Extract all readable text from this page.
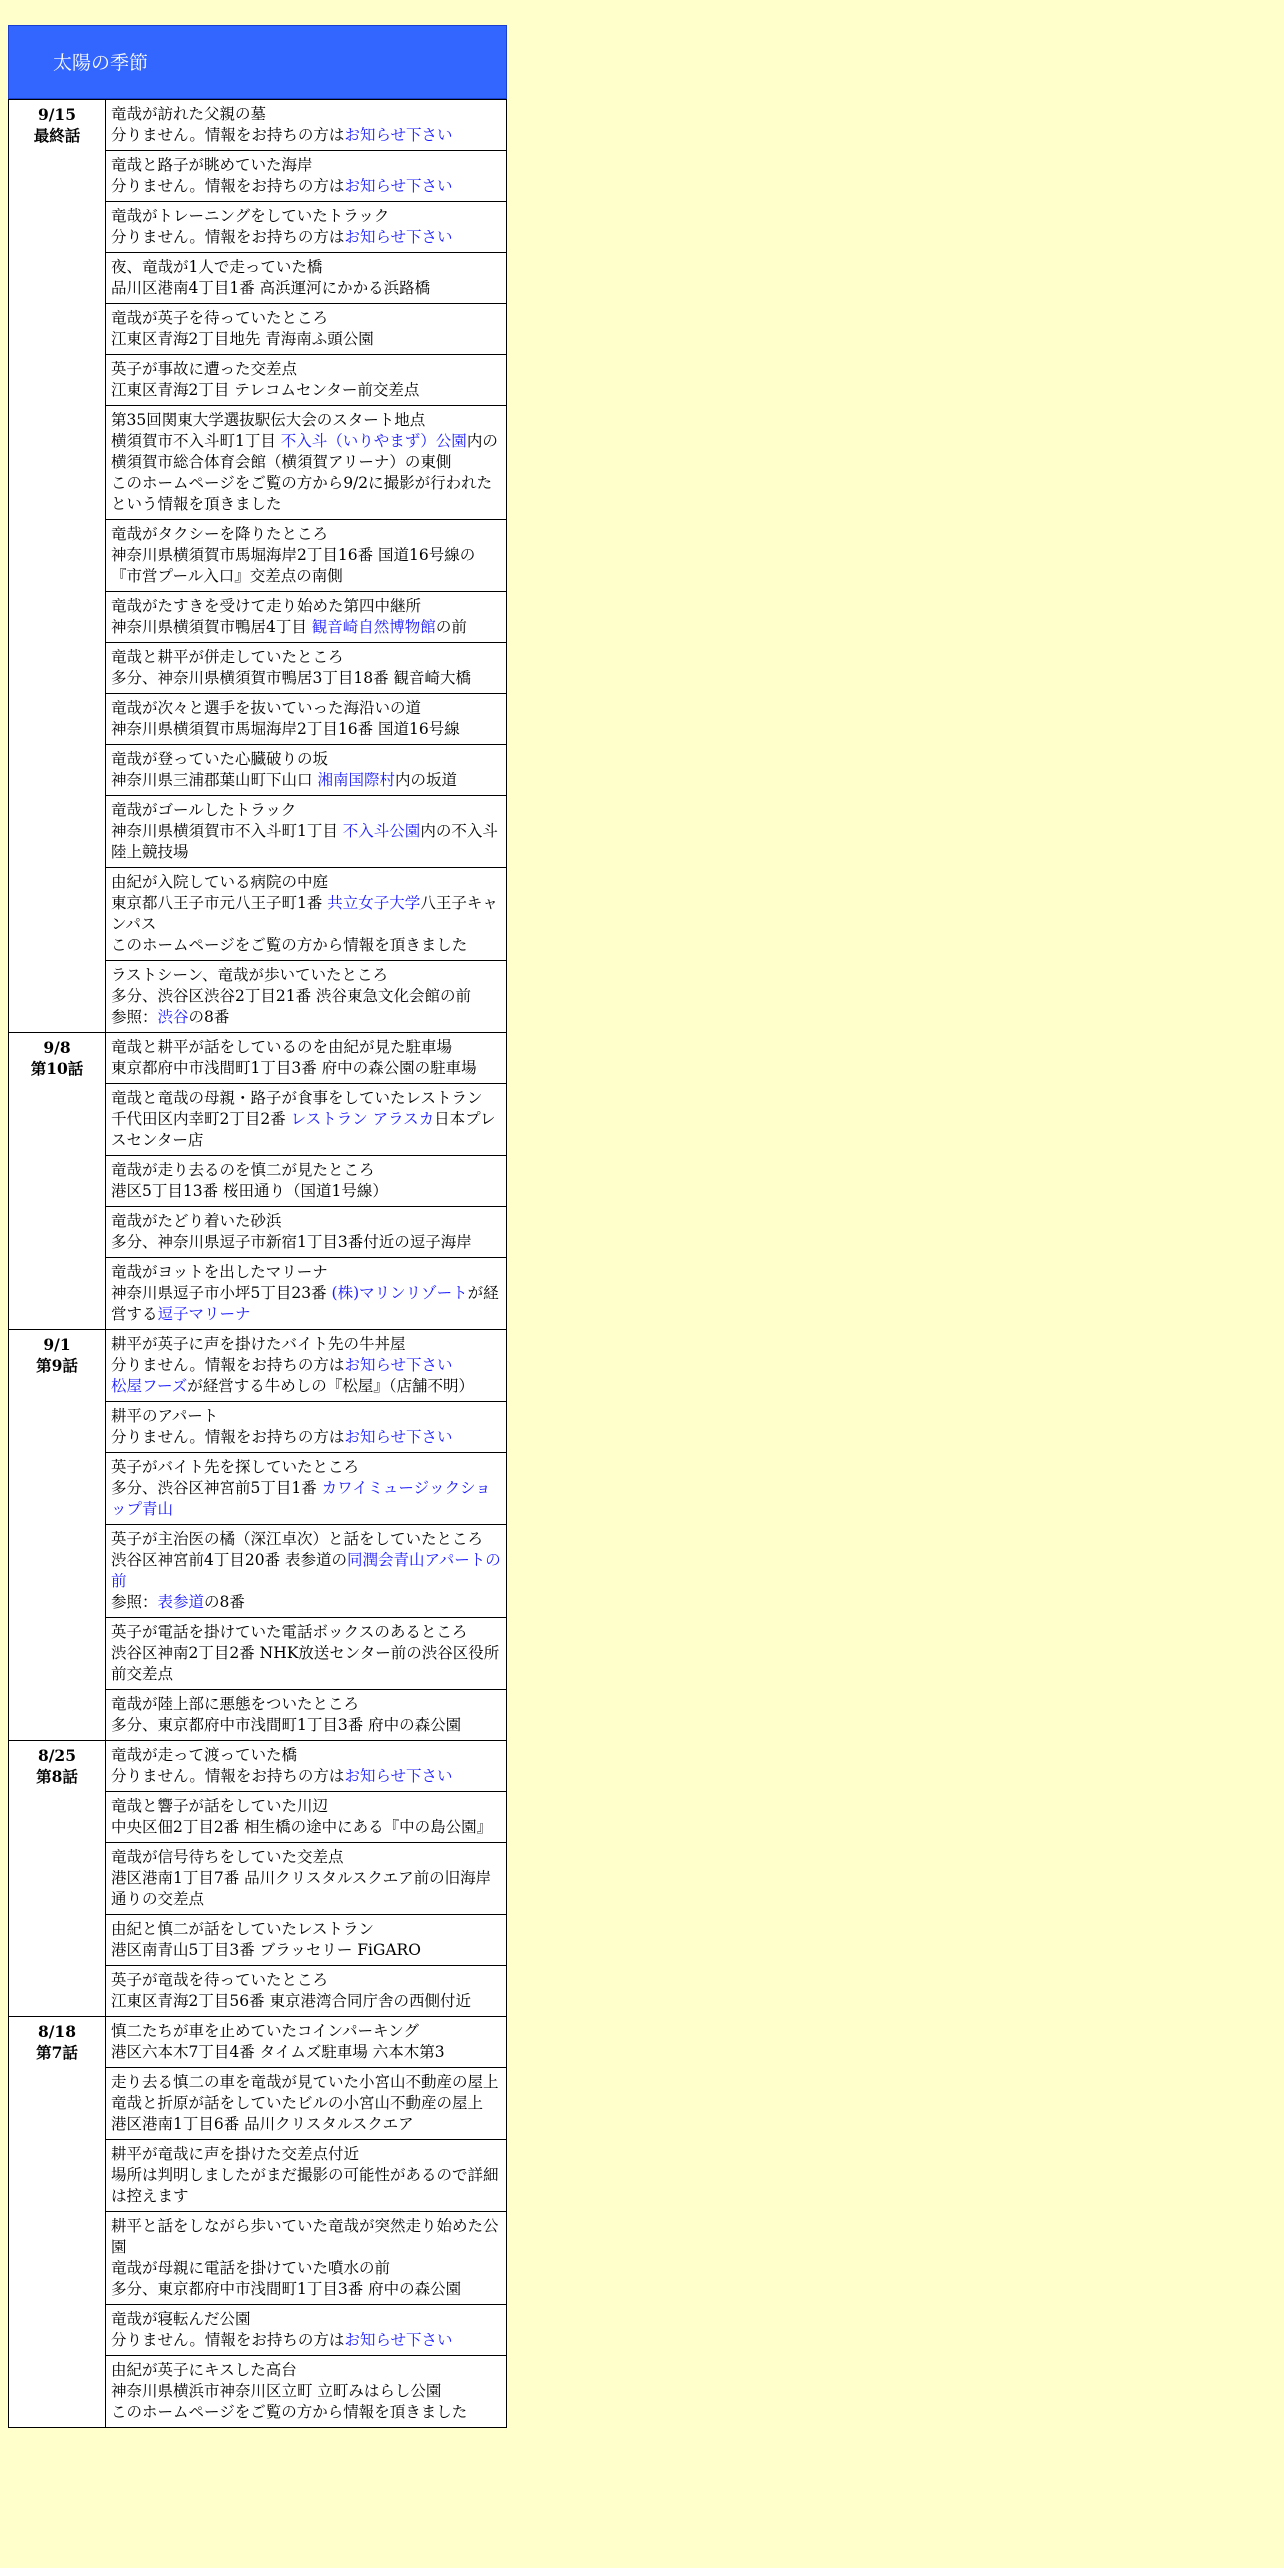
太陽の季節
9/15
最終話	竜哉が訪れた父親の墓
分りません。情報をお持ちの方はお知らせ下さい

	竜哉と路子が眺めていた海岸
分りません。情報をお持ちの方はお知らせ下さい

	竜哉がトレーニングをしていたトラック
分りません。情報をお持ちの方はお知らせ下さい

	夜、竜哉が1人で走っていた橋
品川区港南4丁目1番 高浜運河にかかる浜路橋

	竜哉が英子を待っていたところ
江東区青海2丁目地先 青海南ふ頭公園

	英子が事故に遭った交差点
江東区青海2丁目 テレコムセンター前交差点

	第35回関東大学選抜駅伝大会のスタート地点
横須賀市不入斗町1丁目 不入斗（いりやまず）公園内の横須賀市総合体育会館（横須賀アリーナ）の東側
このホームページをご覧の方から9/2に撮影が行われたという情報を頂きました

	竜哉がタクシーを降りたところ
神奈川県横須賀市馬堀海岸2丁目16番 国道16号線の『市営プール入口』交差点の南側

	竜哉がたすきを受けて走り始めた第四中継所
神奈川県横須賀市鴨居4丁目 観音崎自然博物館の前

	竜哉と耕平が併走していたところ
多分、神奈川県横須賀市鴨居3丁目18番 観音崎大橋

	竜哉が次々と選手を抜いていった海沿いの道
神奈川県横須賀市馬堀海岸2丁目16番 国道16号線

	竜哉が登っていた心臓破りの坂
神奈川県三浦郡葉山町下山口 湘南国際村内の坂道

	竜哉がゴールしたトラック
神奈川県横須賀市不入斗町1丁目 不入斗公園内の不入斗陸上競技場

	由紀が入院している病院の中庭
東京都八王子市元八王子町1番 共立女子大学八王子キャンパス
このホームページをご覧の方から情報を頂きました

	ラストシーン、竜哉が歩いていたところ
多分、渋谷区渋谷2丁目21番 渋谷東急文化会館の前
参照：渋谷の8番

9/8
第10話	竜哉と耕平が話をしているのを由紀が見た駐車場
東京都府中市浅間町1丁目3番 府中の森公園の駐車場

	竜哉と竜哉の母親・路子が食事をしていたレストラン
千代田区内幸町2丁目2番 レストラン アラスカ日本プレスセンター店

	竜哉が走り去るのを慎二が見たところ
港区5丁目13番 桜田通り（国道1号線）

	竜哉がたどり着いた砂浜
多分、神奈川県逗子市新宿1丁目3番付近の逗子海岸

	竜哉がヨットを出したマリーナ
神奈川県逗子市小坪5丁目23番 (株)マリンリゾートが経営する逗子マリーナ

9/1
第9話	耕平が英子に声を掛けたバイト先の牛丼屋
分りません。情報をお持ちの方はお知らせ下さい
松屋フーズが経営する牛めしの『松屋』（店舗不明）

	耕平のアパート
分りません。情報をお持ちの方はお知らせ下さい

	英子がバイト先を探していたところ
多分、渋谷区神宮前5丁目1番 カワイミュージックショップ青山

	英子が主治医の橘（深江卓次）と話をしていたところ
渋谷区神宮前4丁目20番 表参道の同潤会青山アパートの前
参照：表参道の8番

	英子が電話を掛けていた電話ボックスのあるところ
渋谷区神南2丁目2番 NHK放送センター前の渋谷区役所前交差点

	竜哉が陸上部に悪態をついたところ
多分、東京都府中市浅間町1丁目3番 府中の森公園

8/25
第8話	竜哉が走って渡っていた橋
分りません。情報をお持ちの方はお知らせ下さい

	竜哉と響子が話をしていた川辺
中央区佃2丁目2番 相生橋の途中にある『中の島公園』

	竜哉が信号待ちをしていた交差点
港区港南1丁目7番 品川クリスタルスクエア前の旧海岸通りの交差点

	由紀と慎二が話をしていたレストラン
港区南青山5丁目3番 ブラッセリー FiGARO

	英子が竜哉を待っていたところ
江東区青海2丁目56番 東京港湾合同庁舎の西側付近

8/18
第7話	慎二たちが車を止めていたコインパーキング
港区六本木7丁目4番 タイムズ駐車場 六本木第3

	走り去る慎二の車を竜哉が見ていた小宮山不動産の屋上
竜哉と折原が話をしていたビルの小宮山不動産の屋上
港区港南1丁目6番 品川クリスタルスクエア

	耕平が竜哉に声を掛けた交差点付近
場所は判明しましたがまだ撮影の可能性があるので詳細は控えます

	耕平と話をしながら歩いていた竜哉が突然走り始めた公園
竜哉が母親に電話を掛けていた噴水の前
多分、東京都府中市浅間町1丁目3番 府中の森公園

	竜哉が寝転んだ公園
分りません。情報をお持ちの方はお知らせ下さい

	由紀が英子にキスした高台
神奈川県横浜市神奈川区立町 立町みはらし公園
このホームページをご覧の方から情報を頂きました
